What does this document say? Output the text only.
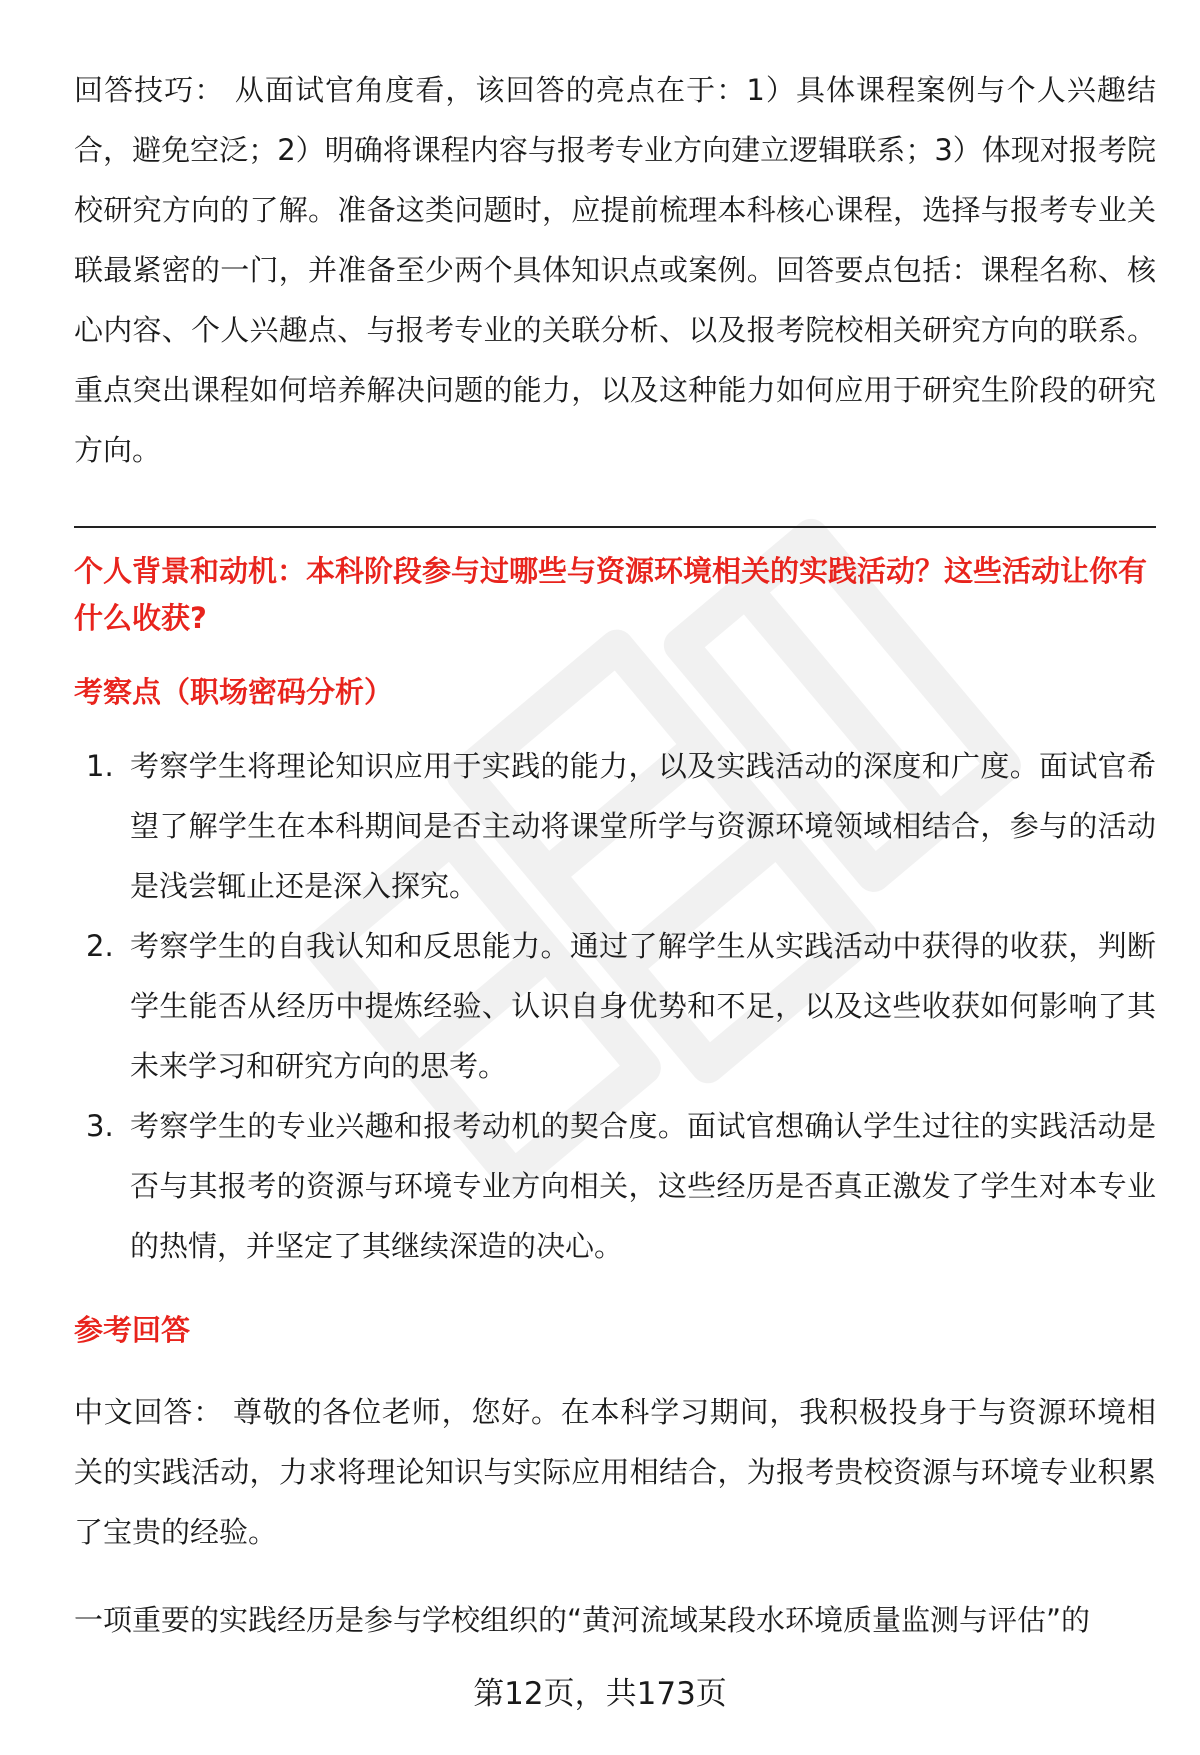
回答技巧： 从面试官角度看，该回答的亮点在于：1）具体课程案例与个人兴趣结合，避免空泛；2）明确将课程内容与报考专业方向建立逻辑联系；3）体现对报考院校研究方向的了解。准备这类问题时，应提前梳理本科核心课程，选择与报考专业关联最紧密的一门，并准备至少两个具体知识点或案例。回答要点包括：课程名称、核心内容、个人兴趣点、与报考专业的关联分析、以及报考院校相关研究方向的联系。重点突出课程如何培养解决问题的能力，以及这种能力如何应用于研究生阶段的研究方向。

个人背景和动机：本科阶段参与过哪些与资源环境相关的实践活动？这些活动让你有什么收获?

考察点（职场密码分析）

1. 考察学生将理论知识应用于实践的能力，以及实践活动的深度和广度。面试官希望了解学生在本科期间是否主动将课堂所学与资源环境领域相结合，参与的活动是浅尝辄止还是深入探究。
2. 考察学生的自我认知和反思能力。通过了解学生从实践活动中获得的收获，判断学生能否从经历中提炼经验、认识自身优势和不足，以及这些收获如何影响了其未来学习和研究方向的思考。
3. 考察学生的专业兴趣和报考动机的契合度。面试官想确认学生过往的实践活动是否与其报考的资源与环境专业方向相关，这些经历是否真正激发了学生对本专业的热情，并坚定了其继续深造的决心。

参考回答

中文回答： 尊敬的各位老师，您好。在本科学习期间，我积极投身于与资源环境相关的实践活动，力求将理论知识与实际应用相结合，为报考贵校资源与环境专业积累了宝贵的经验。

一项重要的实践经历是参与学校组织的“黄河流域某段水环境质量监测与评估”的

第12页，共173页
